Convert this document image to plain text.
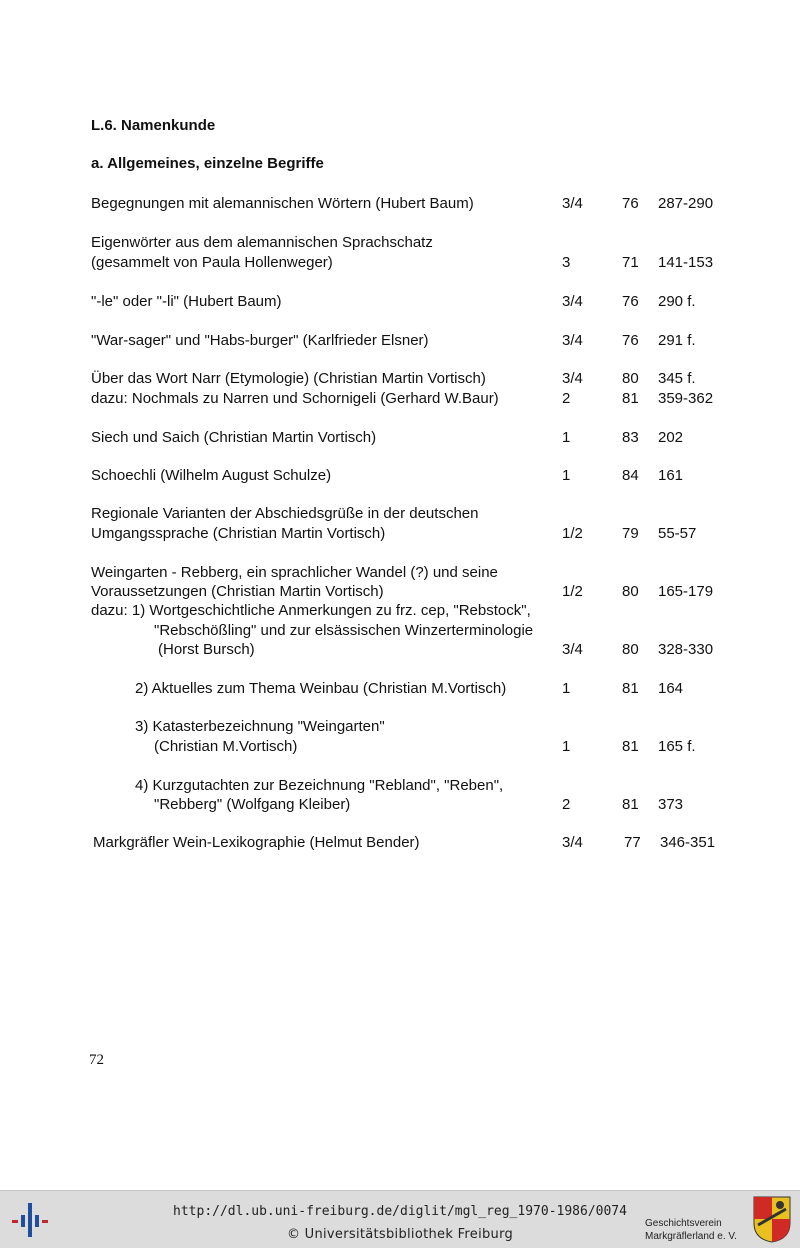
L.6. Namenkunde
a. Allgemeines, einzelne Begriffe
Begegnungen mit alemannischen Wörtern (Hubert Baum)	3/4	76 287-290
Eigenwörter aus dem alemannischen Sprachschatz
(gesammelt von Paula Hollenweger)	3	71 141-153
"-le" oder "-li" (Hubert Baum)	3/4	76 290 f.
"War-sager" und "Habs-burger" (Karlfrieder Elsner)	3/4	76 291 f.
Über das Wort Narr (Etymologie) (Christian Martin Vortisch)	3/4	80 345 f.
dazu: Nochmals zu Narren und Schornigeli (Gerhard W.Baur)	2	81 359-362
Siech und Saich (Christian Martin Vortisch)	1	83 202
Schoechli (Wilhelm August Schulze)	1	84 161
Regionale Varianten der Abschiedsgrüße in der deutschen
Umgangssprache (Christian Martin Vortisch)	1/2	79 55-57
Weingarten - Rebberg, ein sprachlicher Wandel (?) und seine
Voraussetzungen (Christian Martin Vortisch)	1/2	80 165-179
dazu: 1) Wortgeschichtliche Anmerkungen zu frz. cep, "Rebstock",
"Rebschößling" und zur elsässischen Winzerterminologie
(Horst Bursch)	3/4	80 328-330
2) Aktuelles zum Thema Weinbau (Christian M.Vortisch)	1	81 164
3) Katasterbezeichnung "Weingarten"
(Christian M.Vortisch)	1	81 165 f.
4) Kurzgutachten zur Bezeichnung "Rebland", "Reben",
"Rebberg" (Wolfgang Kleiber)	2	81 373
Markgräfler Wein-Lexikographie (Helmut Bender)	3/4	77 346-351
72
http://dl.ub.uni-freiburg.de/diglit/mgl_reg_1970-1986/0074
© Universitätsbibliothek Freiburg
Geschichtsverein
Markgräflerland e. V.
